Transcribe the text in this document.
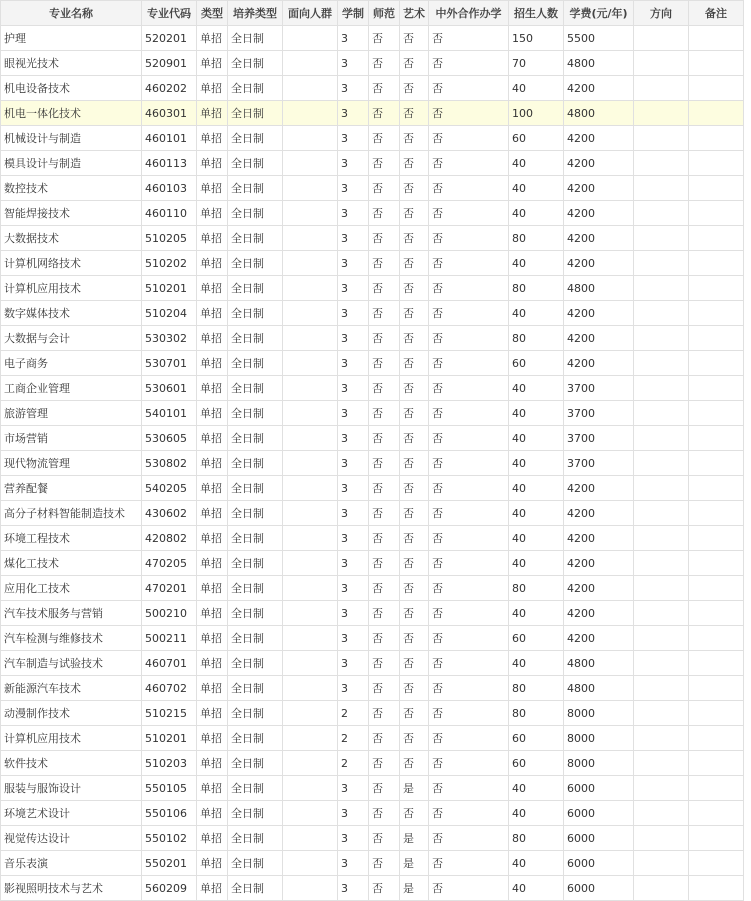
专业名称	专业代码	类型	培养类型	面向人群	学制	师范	艺术	中外合作办学	招生人数	学费(元/年)	方向	备注
护理	520201	单招	全日制		3	否	否	否	150	5500		
眼视光技术	520901	单招	全日制		3	否	否	否	70	4800		
机电设备技术	460202	单招	全日制		3	否	否	否	40	4200		
机电一体化技术	460301	单招	全日制		3	否	否	否	100	4800		
机械设计与制造	460101	单招	全日制		3	否	否	否	60	4200		
模具设计与制造	460113	单招	全日制		3	否	否	否	40	4200		
数控技术	460103	单招	全日制		3	否	否	否	40	4200		
智能焊接技术	460110	单招	全日制		3	否	否	否	40	4200		
大数据技术	510205	单招	全日制		3	否	否	否	80	4200		
计算机网络技术	510202	单招	全日制		3	否	否	否	40	4200		
计算机应用技术	510201	单招	全日制		3	否	否	否	80	4800		
数字媒体技术	510204	单招	全日制		3	否	否	否	40	4200		
大数据与会计	530302	单招	全日制		3	否	否	否	80	4200		
电子商务	530701	单招	全日制		3	否	否	否	60	4200		
工商企业管理	530601	单招	全日制		3	否	否	否	40	3700		
旅游管理	540101	单招	全日制		3	否	否	否	40	3700		
市场营销	530605	单招	全日制		3	否	否	否	40	3700		
现代物流管理	530802	单招	全日制		3	否	否	否	40	3700		
营养配餐	540205	单招	全日制		3	否	否	否	40	4200		
高分子材料智能制造技术	430602	单招	全日制		3	否	否	否	40	4200		
环境工程技术	420802	单招	全日制		3	否	否	否	40	4200		
煤化工技术	470205	单招	全日制		3	否	否	否	40	4200		
应用化工技术	470201	单招	全日制		3	否	否	否	80	4200		
汽车技术服务与营销	500210	单招	全日制		3	否	否	否	40	4200		
汽车检测与维修技术	500211	单招	全日制		3	否	否	否	60	4200		
汽车制造与试验技术	460701	单招	全日制		3	否	否	否	40	4800		
新能源汽车技术	460702	单招	全日制		3	否	否	否	80	4800		
动漫制作技术	510215	单招	全日制		2	否	否	否	80	8000		
计算机应用技术	510201	单招	全日制		2	否	否	否	60	8000		
软件技术	510203	单招	全日制		2	否	否	否	60	8000		
服装与服饰设计	550105	单招	全日制		3	否	是	否	40	6000		
环境艺术设计	550106	单招	全日制		3	否	否	否	40	6000		
视觉传达设计	550102	单招	全日制		3	否	是	否	80	6000		
音乐表演	550201	单招	全日制		3	否	是	否	40	6000		
影视照明技术与艺术	560209	单招	全日制		3	否	是	否	40	6000		
